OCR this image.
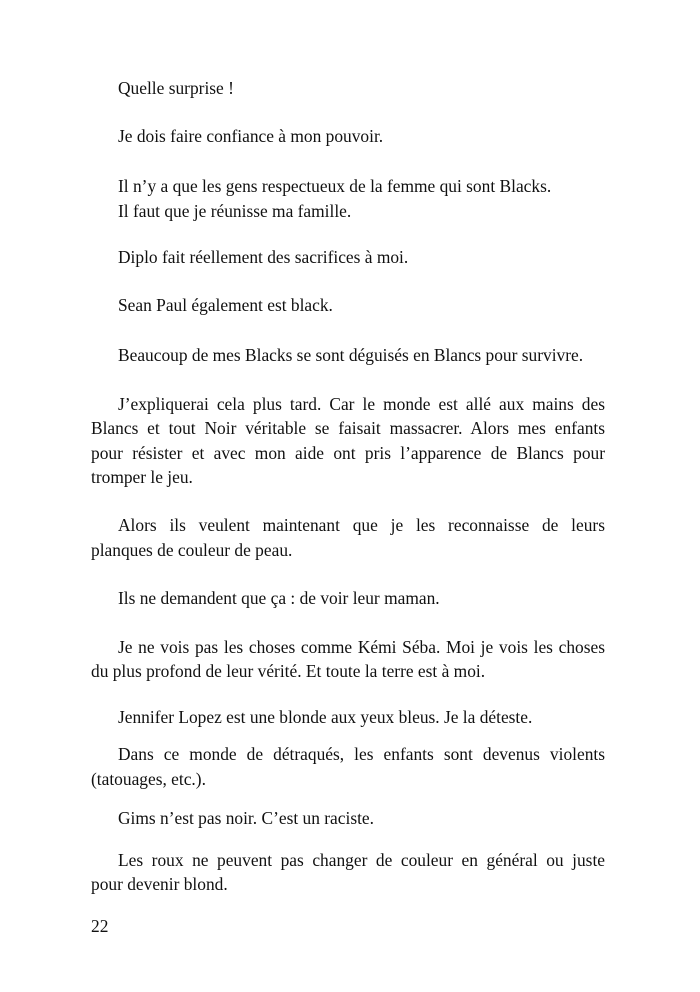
Quelle surprise !
Je dois faire confiance à mon pouvoir.
Il n’y a que les gens respectueux de la femme qui sont Blacks.
Il faut que je réunisse ma famille.
Diplo fait réellement des sacrifices à moi.
Sean Paul également est black.
Beaucoup de mes Blacks se sont déguisés en Blancs pour survivre.
J’expliquerai cela plus tard. Car le monde est allé aux mains des
Blancs et tout Noir véritable se faisait massacrer. Alors mes enfants
pour résister et avec mon aide ont pris l’apparence de Blancs pour
tromper le jeu.
Alors ils veulent maintenant que je les reconnaisse de leurs
planques de couleur de peau.
Ils ne demandent que ça : de voir leur maman.
Je ne vois pas les choses comme Kémi Séba. Moi je vois les choses
du plus profond de leur vérité. Et toute la terre est à moi.
Jennifer Lopez est une blonde aux yeux bleus. Je la déteste.
Dans ce monde de détraqués, les enfants sont devenus violents
(tatouages, etc.).
Gims n’est pas noir. C’est un raciste.
Les roux ne peuvent pas changer de couleur en général ou juste
pour devenir blond.
22
